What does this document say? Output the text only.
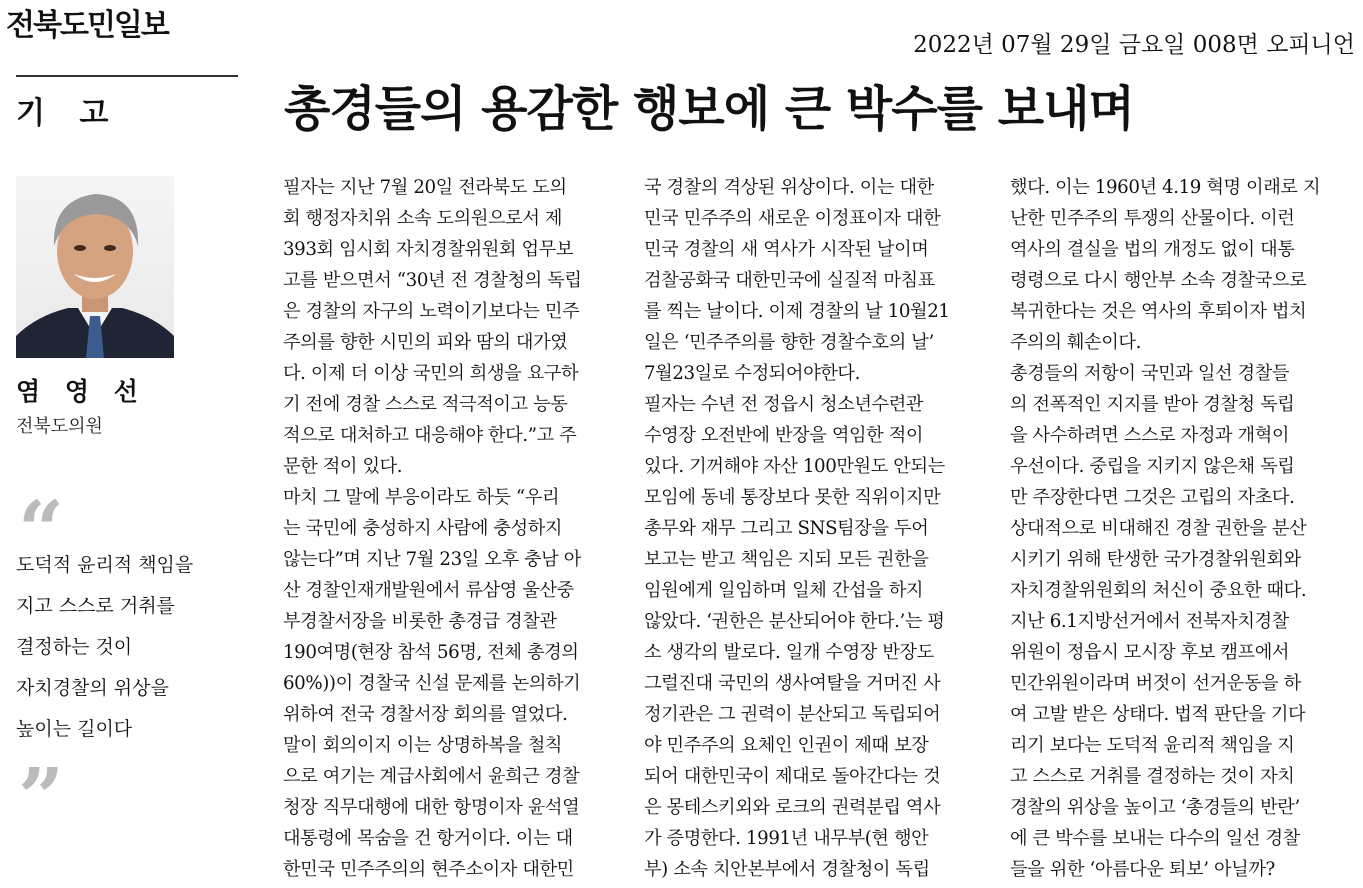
전북도민일보
2022년 07월 29일 금요일 008면 오피니언
기 고	총경들의 용감한 행보에 큰 박수를 보내며
염 영 선
전북도의원
“
도덕적 윤리적 책임을
지고 스스로 거취를
결정하는 것이
자치경찰의 위상을
높이는 길이다
”
필자는 지난 7월 20일 전라북도 도의
회 행정자치위 소속 도의원으로서 제
393회 임시회 자치경찰위원회 업무보
고를 받으면서 “30년 전 경찰청의 독립
은 경찰의 자구의 노력이기보다는 민주
주의를 향한 시민의 피와 땀의 대가였
다. 이제 더 이상 국민의 희생을 요구하
기 전에 경찰 스스로 적극적이고 능동
적으로 대처하고 대응해야 한다.”고 주
문한 적이 있다.
마치 그 말에 부응이라도 하듯 “우리
는 국민에 충성하지 사람에 충성하지
않는다”며 지난 7월 23일 오후 충남 아
산 경찰인재개발원에서 류삼영 울산중
부경찰서장을 비롯한 총경급 경찰관
190여명(현장 참석 56명, 전체 총경의
60%))이 경찰국 신설 문제를 논의하기
위하여 전국 경찰서장 회의를 열었다.
말이 회의이지 이는 상명하복을 철칙
으로 여기는 계급사회에서 윤희근 경찰
청장 직무대행에 대한 항명이자 윤석열
대통령에 목숨을 건 항거이다. 이는 대
한민국 민주주의의 현주소이자 대한민
국 경찰의 격상된 위상이다. 이는 대한
민국 민주주의 새로운 이정표이자 대한
민국 경찰의 새 역사가 시작된 날이며
검찰공화국 대한민국에 실질적 마침표
를 찍는 날이다. 이제 경찰의 날 10월21
일은 ‘민주주의를 향한 경찰수호의 날’
7월23일로 수정되어야한다.
필자는 수년 전 정읍시 청소년수련관
수영장 오전반에 반장을 역임한 적이
있다. 기꺼해야 자산 100만원도 안되는
모임에 동네 통장보다 못한 직위이지만
총무와 재무 그리고 SNS팀장을 두어
보고는 받고 책임은 지되 모든 권한을
임원에게 일임하며 일체 간섭을 하지
않았다. ‘권한은 분산되어야 한다.’는 평
소 생각의 발로다. 일개 수영장 반장도
그럴진대 국민의 생사여탈을 거머진 사
정기관은 그 권력이 분산되고 독립되어
야 민주주의 요체인 인권이 제때 보장
되어 대한민국이 제대로 돌아간다는 것
은 몽테스키외와 로크의 권력분립 역사
가 증명한다. 1991년 내무부(현 행안
부) 소속 치안본부에서 경찰청이 독립
했다. 이는 1960년 4.19 혁명 이래로 지
난한 민주주의 투쟁의 산물이다. 이런
역사의 결실을 법의 개정도 없이 대통
령령으로 다시 행안부 소속 경찰국으로
복귀한다는 것은 역사의 후퇴이자 법치
주의의 훼손이다.
총경들의 저항이 국민과 일선 경찰들
의 전폭적인 지지를 받아 경찰청 독립
을 사수하려면 스스로 자정과 개혁이
우선이다. 중립을 지키지 않은채 독립
만 주장한다면 그것은 고립의 자초다.
상대적으로 비대해진 경찰 권한을 분산
시키기 위해 탄생한 국가경찰위원회와
자치경찰위원회의 처신이 중요한 때다.
지난 6.1지방선거에서 전북자치경찰
위원이 정읍시 모시장 후보 캠프에서
민간위원이라며 버젓이 선거운동을 하
여 고발 받은 상태다. 법적 판단을 기다
리기 보다는 도덕적 윤리적 책임을 지
고 스스로 거취를 결정하는 것이 자치
경찰의 위상을 높이고 ‘총경들의 반란’
에 큰 박수를 보내는 다수의 일선 경찰
들을 위한 ‘아름다운 퇴보’ 아닐까?
